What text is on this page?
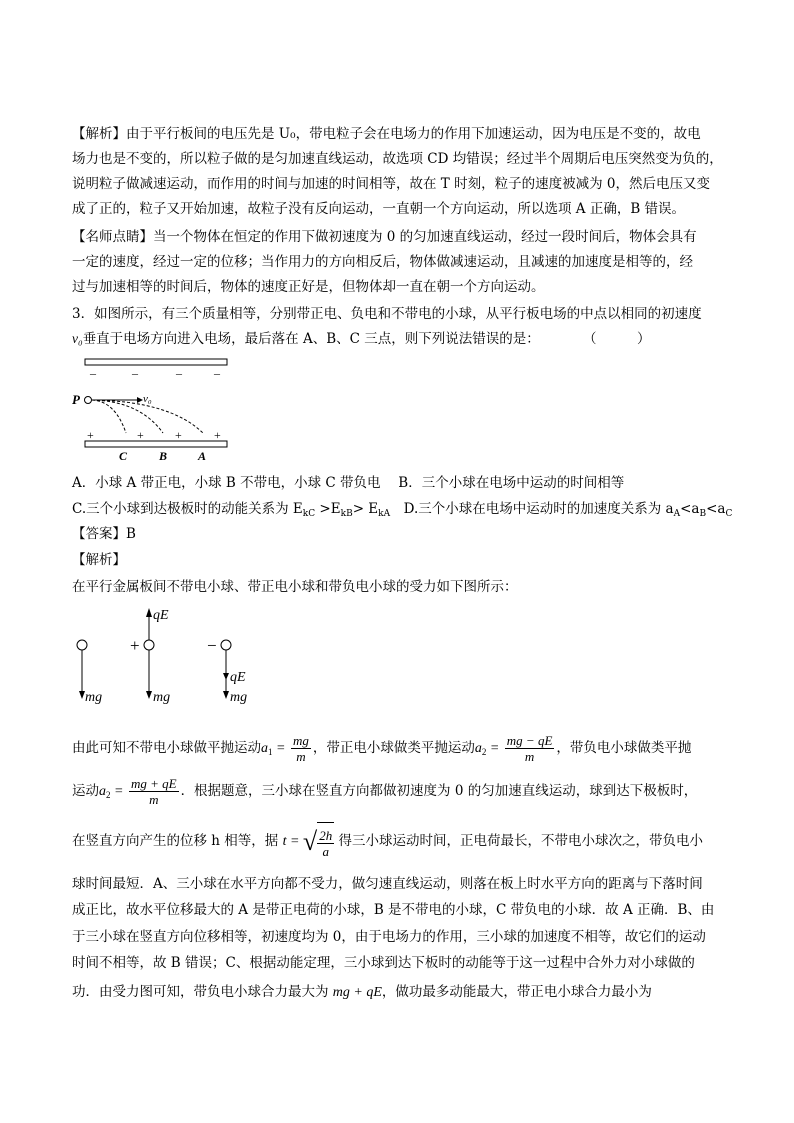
【解析】由于平行板间的电压先是 U₀，带电粒子会在电场力的作用下加速运动，因为电压是不变的，故电
场力也是不变的，所以粒子做的是匀加速直线运动，故选项 CD 均错误；经过半个周期后电压突然变为负的，
说明粒子做减速运动，而作用的时间与加速的时间相等，故在 T 时刻，粒子的速度被减为 0，然后电压又变
成了正的，粒子又开始加速，故粒子没有反向运动，一直朝一个方向运动，所以选项 A 正确，B 错误。
【名师点睛】当一个物体在恒定的作用下做初速度为 0 的匀加速直线运动，经过一段时间后，物体会具有
一定的速度，经过一定的位移；当作用力的方向相反后，物体做减速运动，且减速的加速度是相等的，经
过与加速相等的时间后，物体的速度正好是，但物体却一直在朝一个方向运动。
3．如图所示，有三个质量相等，分别带正电、负电和不带电的小球，从平行板电场的中点以相同的初速度
v₀垂直于电场方向进入电场，最后落在 A、B、C 三点，则下列说法错误的是：	（　　　）
–	–	–	–
P	v₀
+	+	+	+
C	B	A
A．小球 A 带正电，小球 B 不带电，小球 C 带负电　 B．三个小球在电场中运动的时间相等
C.三个小球到达极板时的动能关系为 $E_{kC} >E_{kB}> E_{kA}$　D.三个小球在电场中运动时的加速度关系为 $a_A<a_B<a_C$
【答案】B
【解析】
在平行金属板间不带电小球、带正电小球和带负电小球的受力如下图所示：
mg
+
qE
mg
−
qE
mg
由此可知不带电小球做平抛运动$a_1 = \frac{mg}{m}$ ，带正电小球做类平抛运动$a_2 = \frac{mg - qE}{m}$ ，带负电小球做类平抛
运动$a_2 = \frac{mg + qE}{m}$ ．根据题意，三小球在竖直方向都做初速度为 0 的匀加速直线运动，球到达下极板时，
在竖直方向产生的位移 h 相等，据 t = √ $\frac{2h}{a}$ 得三小球运动时间，正电荷最长，不带电小球次之，带负电小
球时间最短．A、三小球在水平方向都不受力，做匀速直线运动，则落在板上时水平方向的距离与下落时间
成正比，故水平位移最大的 A 是带正电荷的小球，B 是不带电的小球，C 带负电的小球．故 A 正确．B、由
于三小球在竖直方向位移相等，初速度均为 0，由于电场力的作用，三小球的加速度不相等，故它们的运动
时间不相等，故 B 错误；C、根据动能定理，三小球到达下板时的动能等于这一过程中合外力对小球做的
功．由受力图可知，带负电小球合力最大为 mg + qE，做功最多动能最大，带正电小球合力最小为
